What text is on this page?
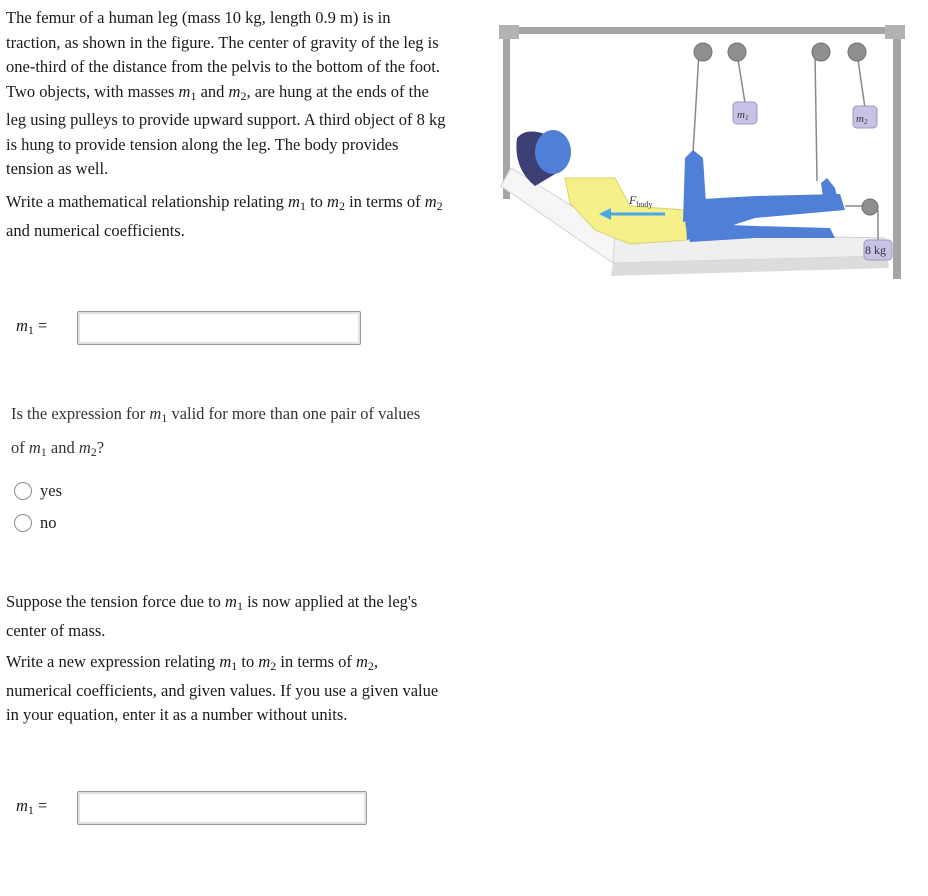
The femur of a human leg (mass 10 kg, length 0.9 m) is in traction, as shown in the figure. The center of gravity of the leg is one-third of the distance from the pelvis to the bottom of the foot. Two objects, with masses $m_1$ and $m_2$, are hung at the ends of the leg using pulleys to provide upward support. A third object of 8 kg is hung to provide tension along the leg. The body provides tension as well.

Write a mathematical relationship relating $m_1$ to $m_2$ in terms of $m_2$ and numerical coefficients.

$m_1$ =

Is the expression for $m_1$ valid for more than one pair of values of $m_1$ and $m_2$?

yes
no

Suppose the tension force due to $m_1$ is now applied at the leg's center of mass.

Write a new expression relating $m_1$ to $m_2$ in terms of $m_2$, numerical coefficients, and given values. If you use a given value in your equation, enter it as a number without units.

$m_1$ =
$F_{body}$
m1	m2
8 kg
